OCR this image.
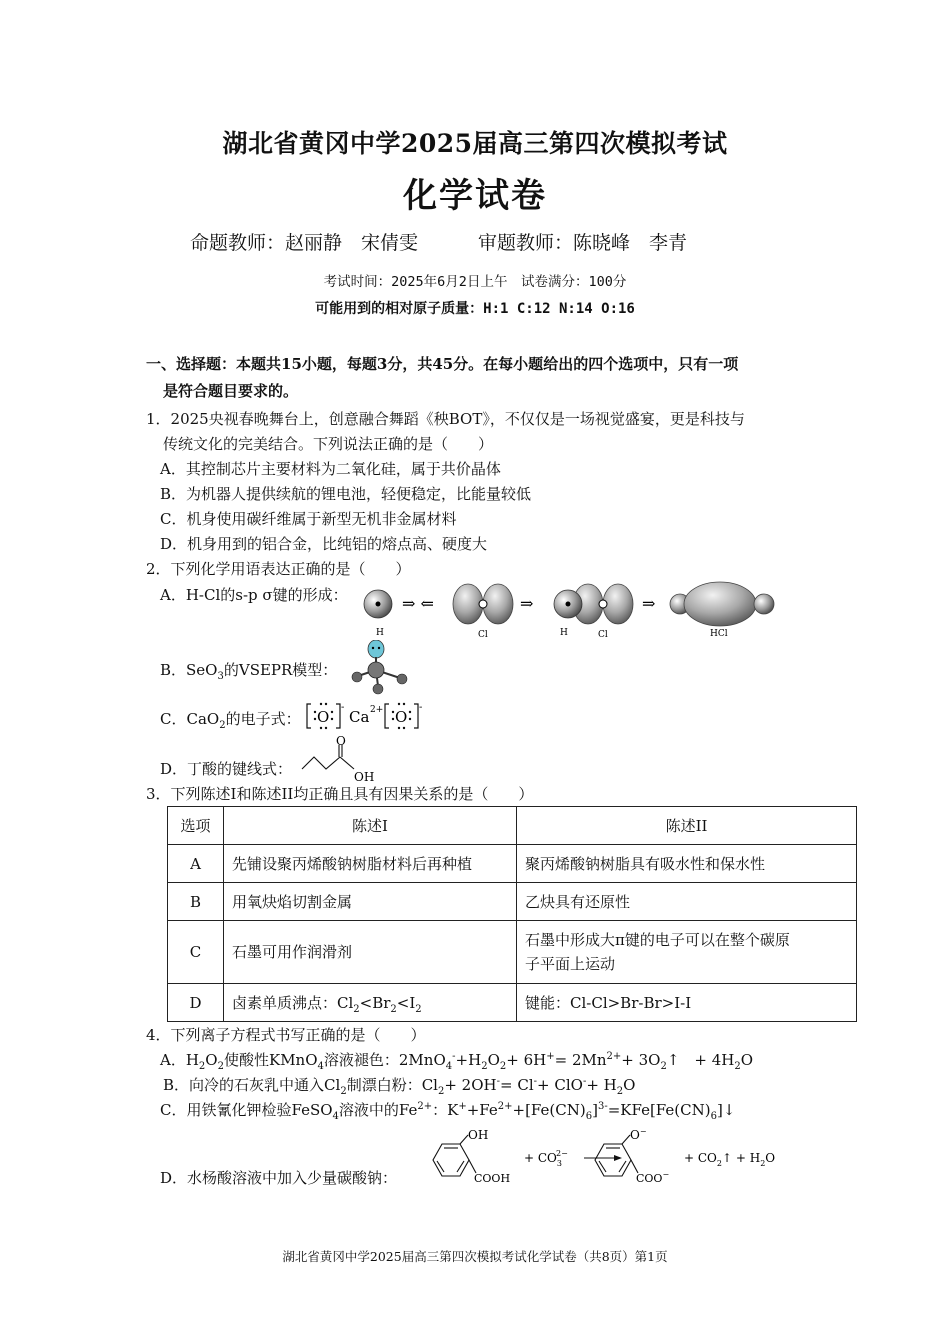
湖北省黄冈中学2025届高三第四次模拟考试
化学试卷
命题教师：赵丽静　宋倩雯	审题教师：陈晓峰　李青
考试时间：2025年6月2日上午　试卷满分：100分
可能用到的相对原子质量：H:1 C:12 N:14 O:16
一、选择题：本题共15小题，每题3分，共45分。在每小题给出的四个选项中，只有一项
是符合题目要求的。
1．2025央视春晚舞台上，创意融合舞蹈《秧BOT》，不仅仅是一场视觉盛宴，更是科技与
传统文化的完美结合。下列说法正确的是（　　）
A．其控制芯片主要材料为二氧化硅，属于共价晶体
B．为机器人提供续航的锂电池，轻便稳定，比能量较低
C．机身使用碳纤维属于新型无机非金属材料
D．机身用到的铝合金，比纯铝的熔点高、硬度大
2．下列化学用语表达正确的是（　　）
A．H-Cl的s-p σ键的形成：
H
⇒ ⇐
Cl
⇒
H	Cl
⇒
HCl
B．SeO$_3$的VSEPR模型：
C．CaO$_2$的电子式： O
-
Ca 2+ O
-
D．丁酸的键线式：
O
OH
3．下列陈述I和陈述II均正确且具有因果关系的是（　　）
选项	陈述I	陈述II
A	先铺设聚丙烯酸钠树脂材料后再种植	聚丙烯酸钠树脂具有吸水性和保水性
B	用氧炔焰切割金属	乙炔具有还原性
C	石墨可用作润滑剂	石墨中形成大π键的电子可以在整个碳原
子平面上运动
D	卤素单质沸点：$Cl_2<Br_2<I_2$	键能：Cl-Cl>Br-Br>I-I
4．下列离子方程式书写正确的是（　　）
A．$H_2O_2$使酸性KMnO$_4$溶液褪色：$2MnO_4^-+H_2O_2+ 6H^+= 2Mn^{2+}+$ $3O_2↑$　+ $4H_2O$
B．向冷的石灰乳中通入$Cl_2$制漂白粉：$Cl_2+ 2OH^-= Cl^-+ ClO^-+ H_2O$
C．用铁氰化钾检验FeSO$_4$溶液中的$Fe^{2+}$：$K^++Fe^{2+}+[Fe(CN)_6]^{3-}=KFe[Fe(CN)_6]↓$
D．水杨酸溶液中加入少量碳酸钠：
OH
COOH
+ $CO_32-$
O−
COO−
+ $CO_2↑ + H_2O$
湖北省黄冈中学2025届高三第四次模拟考试化学试卷（共8页）第1页
